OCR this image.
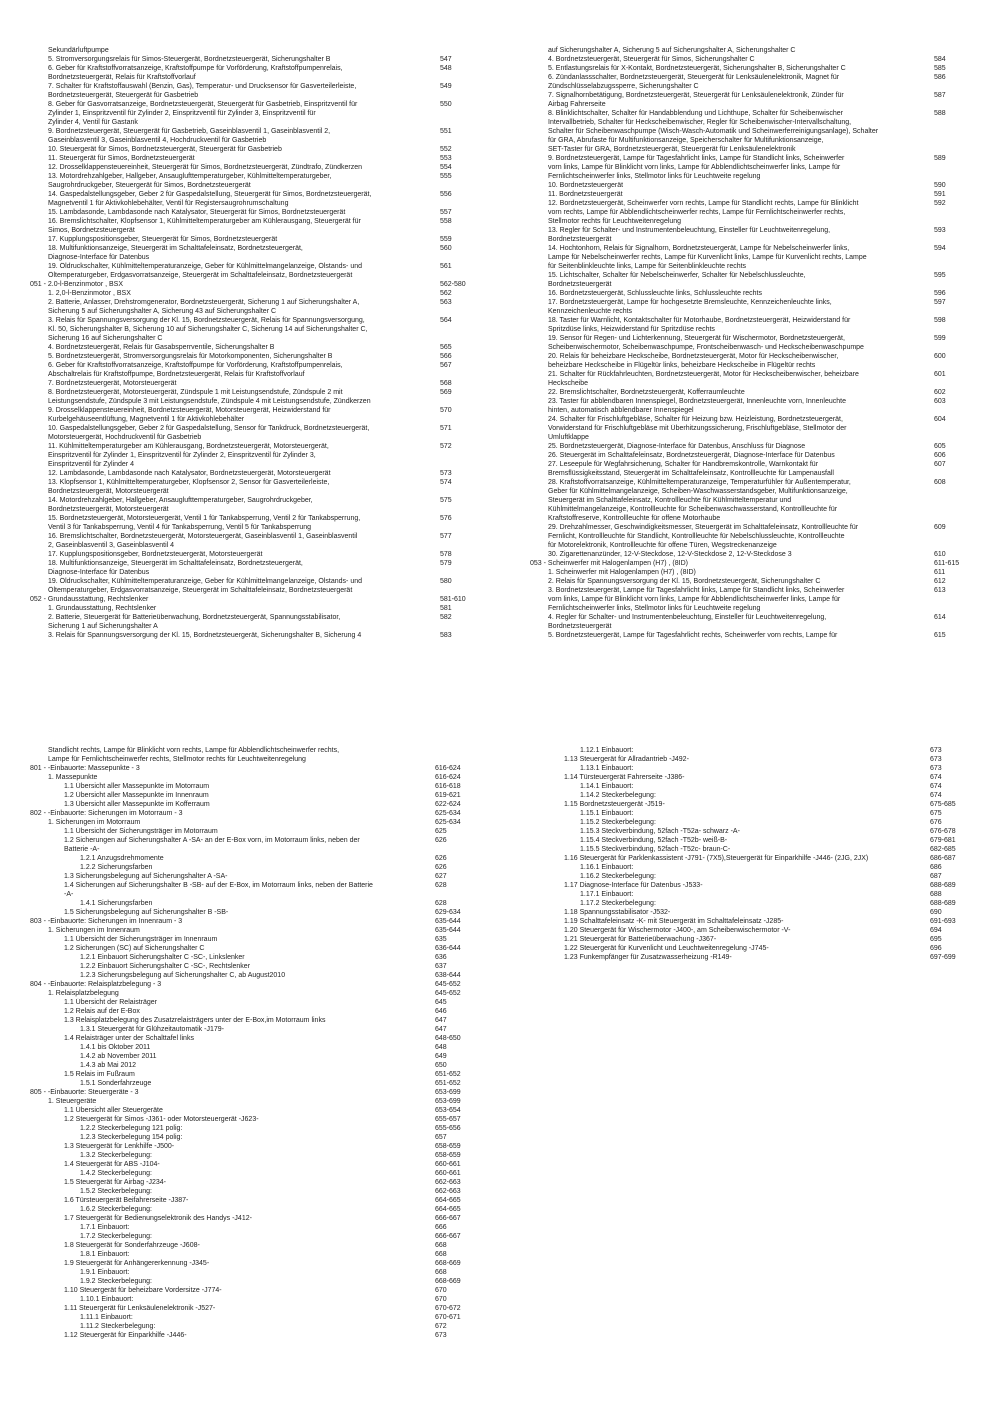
Sekundärluftpumpe
5. Stromversorgungsrelais für Simos-Steuergerät, Bordnetzsteuergerät, Sicherungshalter B	547
6. Geber für Kraftstoffvorratsanzeige, Kraftstoffpumpe für Vorförderung, Kraftstoffpumpenrelais,	548
Bordnetzsteuergerät, Relais für Kraftstoffvorlauf
7. Schalter für Kraftstoffauswahl (Benzin, Gas), Temperatur- und Drucksensor für Gasverteilerleiste,	549
Bordnetzsteuergerät, Steuergerät für Gasbetrieb
8. Geber für Gasvorratsanzeige, Bordnetzsteuergerät, Steuergerät für Gasbetrieb, Einspritzventil für	550
Zylinder 1, Einspritzventil für Zylinder 2, Einspritzventil für Zylinder 3, Einspritzventil für
Zylinder 4, Ventil für Gastank
9. Bordnetzsteuergerät, Steuergerät für Gasbetrieb, Gaseinblasventil 1, Gaseinblasventil 2,	551
Gaseinblasventil 3, Gaseinblasventil 4, Hochdruckventil für Gasbetrieb
10. Steuergerät für Simos, Bordnetzsteuergerät, Steuergerät für Gasbetrieb	552
11. Steuergerät für Simos, Bordnetzsteuergerät	553
12. Drosselklappensteuereinheit, Steuergerät für Simos, Bordnetzsteuergerät, Zündtrafo, Zündkerzen	554
13. Motordrehzahlgeber, Hallgeber, Ansauglufttemperaturgeber, Kühlmitteltemperaturgeber,	555
Saugrohrdruckgeber, Steuergerät für Simos, Bordnetzsteuergerät
14. Gaspedalstellungsgeber, Geber 2 für Gaspedalstellung, Steuergerät für Simos, Bordnetzsteuergerät,	556
Magnetventil 1 für Aktivkohlebehälter, Ventil für Registersaugrohrumschaltung
15. Lambdasonde, Lambdasonde nach Katalysator, Steuergerät für Simos, Bordnetzsteuergerät	557
16. Bremslichtschalter, Klopfsensor 1, Kühlmitteltemperaturgeber am Kühlerausgang, Steuergerät für	558
Simos, Bordnetzsteuergerät
17. Kupplungspositionsgeber, Steuergerät für Simos, Bordnetzsteuergerät	559
18. Multifunktionsanzeige, Steuergerät im Schalttafeleinsatz, Bordnetzsteuergerät,	560
Diagnose-Interface für Datenbus
19. Öldruckschalter, Kühlmitteltemperaturanzeige, Geber für Kühlmittelmangelanzeige, Ölstands- und	561
Öltemperaturgeber, Erdgasvorratsanzeige, Steuergerät im Schalttafeleinsatz, Bordnetzsteuergerät
051 - 2.0-l-Benzinmotor , BSX	562-580
1. 2,0-l-Benzinmotor , BSX	562
2. Batterie, Anlasser, Drehstromgenerator, Bordnetzsteuergerät, Sicherung 1 auf Sicherungshalter A,	563
Sicherung 5 auf Sicherungshalter A, Sicherung 43 auf Sicherungshalter C
3. Relais für Spannungsversorgung der Kl. 15, Bordnetzsteuergerät, Relais für Spannungsversorgung,	564
Kl. 50, Sicherungshalter B, Sicherung 10 auf Sicherungshalter C, Sicherung 14 auf Sicherungshalter C,
Sicherung 16 auf Sicherungshalter C
4. Bordnetzsteuergerät, Relais für Gasabsperrventile, Sicherungshalter B	565
5. Bordnetzsteuergerät, Stromversorgungsrelais für Motorkomponenten, Sicherungshalter B	566
6. Geber für Kraftstoffvorratsanzeige, Kraftstoffpumpe für Vorförderung, Kraftstoffpumpenrelais,	567
Abschaltrelais für Kraftstoffpumpe, Bordnetzsteuergerät, Relais für Kraftstoffvorlauf
7. Bordnetzsteuergerät, Motorsteuergerät	568
8. Bordnetzsteuergerät, Motorsteuergerät, Zündspule 1 mit Leistungsendstufe, Zündspule 2 mit	569
Leistungsendstufe, Zündspule 3 mit Leistungsendstufe, Zündspule 4 mit Leistungsendstufe, Zündkerzen
9. Drosselklappensteuereinheit, Bordnetzsteuergerät, Motorsteuergerät, Heizwiderstand für	570
Kurbelgehäuseentlüftung, Magnetventil 1 für Aktivkohlebehälter
10. Gaspedalstellungsgeber, Geber 2 für Gaspedalstellung, Sensor für Tankdruck, Bordnetzsteuergerät,	571
Motorsteuergerät, Hochdruckventil für Gasbetrieb
11. Kühlmitteltemperaturgeber am Kühlerausgang, Bordnetzsteuergerät, Motorsteuergerät,	572
Einspritzventil für Zylinder 1, Einspritzventil für Zylinder 2, Einspritzventil für Zylinder 3,
Einspritzventil für Zylinder 4
12. Lambdasonde, Lambdasonde nach Katalysator, Bordnetzsteuergerät, Motorsteuergerät	573
13. Klopfsensor 1, Kühlmitteltemperaturgeber, Klopfsensor 2, Sensor für Gasverteilerleiste,	574
Bordnetzsteuergerät, Motorsteuergerät
14. Motordrehzahlgeber, Hallgeber, Ansauglufttemperaturgeber, Saugrohrdruckgeber,	575
Bordnetzsteuergerät, Motorsteuergerät
15. Bordnetzsteuergerät, Motorsteuergerät, Ventil 1 für Tankabsperrung, Ventil 2 für Tankabsperrung,	576
Ventil 3 für Tankabsperrung, Ventil 4 für Tankabsperrung, Ventil 5 für Tankabsperrung
16. Bremslichtschalter, Bordnetzsteuergerät, Motorsteuergerät, Gaseinblasventil 1, Gaseinblasventil	577
2, Gaseinblasventil 3, Gaseinblasventil 4
17. Kupplungspositionsgeber, Bordnetzsteuergerät, Motorsteuergerät	578
18. Multifunktionsanzeige, Steuergerät im Schalttafeleinsatz, Bordnetzsteuergerät,	579
Diagnose-Interface für Datenbus
19. Öldruckschalter, Kühlmitteltemperaturanzeige, Geber für Kühlmittelmangelanzeige, Ölstands- und	580
Öltemperaturgeber, Erdgasvorratsanzeige, Steuergerät im Schalttafeleinsatz, Bordnetzsteuergerät
052 - Grundausstattung, Rechtslenker	581-610
1. Grundausstattung, Rechtslenker	581
2. Batterie, Steuergerät für Batterieüberwachung, Bordnetzsteuergerät, Spannungsstabilisator,	582
Sicherung 1 auf Sicherungshalter A
3. Relais für Spannungsversorgung der Kl. 15, Bordnetzsteuergerät, Sicherungshalter B, Sicherung 4	583
auf Sicherungshalter A, Sicherung 5 auf Sicherungshalter A, Sicherungshalter C
4. Bordnetzsteuergerät, Steuergerät für Simos, Sicherungshalter C	584
5. Entlastungsrelais für X-Kontakt, Bordnetzsteuergerät, Sicherungshalter B, Sicherungshalter C	585
6. Zündanlassschalter, Bordnetzsteuergerät, Steuergerät für Lenksäulenelektronik, Magnet für	586
Zündschlüsselabzugssperre, Sicherungshalter C
7. Signalhornbetätigung, Bordnetzsteuergerät, Steuergerät für Lenksäulenelektronik, Zünder für	587
Airbag Fahrerseite
8. Blinklichtschalter, Schalter für Handabblendung und Lichthupe, Schalter für Scheibenwischer	588
Intervallbetrieb, Schalter für Heckscheibenwischer, Regler für Scheibenwischer-Intervallschaltung,
Schalter für Scheibenwaschpumpe (Wisch-Wasch-Automatik und Scheinwerferreinigungsanlage), Schalter
für GRA, Abrufaste für Multifunktionsanzeige, Speicherschalter für Multifunktionsanzeige,
SET-Taster für GRA, Bordnetzsteuergerät, Steuergerät für Lenksäulenelektronik
9. Bordnetzsteuergerät, Lampe für Tagesfahrlicht links, Lampe für Standlicht links, Scheinwerfer	589
vorn links, Lampe für Blinklicht vorn links, Lampe für Abblendlichtscheinwerfer links, Lampe für
Fernlichtscheinwerfer links, Stellmotor links für Leuchtweite regelung
10. Bordnetzsteuergerät	590
11. Bordnetzsteuergerät	591
12. Bordnetzsteuergerät, Scheinwerfer vorn rechts, Lampe für Standlicht rechts, Lampe für Blinklicht	592
vorn rechts, Lampe für Abblendlichtscheinwerfer rechts, Lampe für Fernlichtscheinwerfer rechts,
Stellmotor rechts für Leuchtweitenregelung
13. Regler für Schalter- und Instrumentenbeleuchtung, Einsteller für Leuchtweitenregelung,	593
Bordnetzsteuergerät
14. Hochtonhorn, Relais für Signalhorn, Bordnetzsteuergerät, Lampe für Nebelscheinwerfer links,	594
Lampe für Nebelscheinwerfer rechts, Lampe für Kurvenlicht links, Lampe für Kurvenlicht rechts, Lampe
für Seitenblinkleuchte links, Lampe für Seitenblinkleuchte rechts
15. Lichtschalter, Schalter für Nebelscheinwerfer, Schalter für Nebelschlussleuchte,	595
Bordnetzsteuergerät
16. Bordnetzsteuergerät, Schlussleuchte links, Schlussleuchte rechts	596
17. Bordnetzsteuergerät, Lampe für hochgesetzte Bremsleuchte, Kennzeichenleuchte links,	597
Kennzeichenleuchte rechts
18. Taster für Warnlicht, Kontaktschalter für Motorhaube, Bordnetzsteuergerät, Heizwiderstand für	598
Spritzdüse links, Heizwiderstand für Spritzdüse rechts
19. Sensor für Regen- und Lichterkennung, Steuergerät für Wischermotor, Bordnetzsteuergerät,	599
Scheibenwischermotor, Scheibenwaschpumpe, Frontscheibenwasch- und Heckscheibenwaschpumpe
20. Relais für beheizbare Heckscheibe, Bordnetzsteuergerät, Motor für Heckscheibenwischer,	600
beheizbare Heckscheibe in Flügeltür links, beheizbare Heckscheibe in Flügeltür rechts
21. Schalter für Rückfahrleuchten, Bordnetzsteuergerät, Motor für Heckscheibenwischer, beheizbare	601
Heckscheibe
22. Bremslichtschalter, Bordnetzsteuergerät, Kofferraumleuchte	602
23. Taster für abblendbaren Innenspiegel, Bordnetzsteuergerät, Innenleuchte vorn, Innenleuchte	603
hinten, automatisch abblendbarer Innenspiegel
24. Schalter für Frischluftgebläse, Schalter für Heizung bzw. Heizleistung, Bordnetzsteuergerät,	604
Vorwiderstand für Frischluftgebläse mit Überhitzungssicherung, Frischluftgebläse, Stellmotor der
Umluftklappe
25. Bordnetzsteuergerät, Diagnose-Interface für Datenbus, Anschluss für Diagnose	605
26. Steuergerät im Schalttafeleinsatz, Bordnetzsteuergerät, Diagnose-Interface für Datenbus	606
27. Leseepule für Wegfahrsicherung, Schalter für Handbremskontrolle, Warnkontakt für	607
Bremsflüssigkeitsstand, Steuergerät im Schalttafeleinsatz, Kontrollleuchte für Lampenausfall
28. Kraftstoffvorratsanzeige, Kühlmitteltemperaturanzeige, Temperaturfühler für Außentemperatur,	608
Geber für Kühlmittelmangelanzeige, Scheiben-Waschwasserstandsgeber, Multifunktionsanzeige,
Steuergerät im Schalttafeleinsatz, Kontrollleuchte für Kühlmitteltemperatur und
Kühlmittelmangelanzeige, Kontrollleuchte für Scheibenwaschwasserstand, Kontrollleuchte für
Kraftstoffreserve, Kontrollleuchte für offene Motorhaube
29. Drehzahlmesser, Geschwindigkeitsmesser, Steuergerät im Schalttafeleinsatz, Kontrollleuchte für	609
Fernlicht, Kontrollleuchte für Standlicht, Kontrollleuchte für Nebelschlussleuchte, Kontrollleuchte
für Motorelektronik, Kontrollleuchte für offene Türen, Wegstreckenanzeige
30. Zigarettenanzünder, 12-V-Steckdose, 12-V-Steckdose 2, 12-V-Steckdose 3	610
053 - Scheinwerfer mit Halogenlampen (H7) , (8ID)	611-615
1. Scheinwerfer mit Halogenlampen (H7) , (8ID)	611
2. Relais für Spannungsversorgung der Kl. 15, Bordnetzsteuergerät, Sicherungshalter C	612
3. Bordnetzsteuergerät, Lampe für Tagesfahrlicht links, Lampe für Standlicht links, Scheinwerfer	613
vorn links, Lampe für Blinklicht vorn links, Lampe für Abblendlichtscheinwerfer links, Lampe für
Fernlichtscheinwerfer links, Stellmotor links für Leuchtweite regelung
4. Regler für Schalter- und Instrumentenbeleuchtung, Einsteller für Leuchtweitenregelung,	614
Bordnetzsteuergerät
5. Bordnetzsteuergerät, Lampe für Tagesfahrlicht rechts, Scheinwerfer vorn rechts, Lampe für	615
Standlicht rechts, Lampe für Blinklicht vorn rechts, Lampe für Abblendlichtscheinwerfer rechts,
Lampe für Fernlichtscheinwerfer rechts, Stellmotor rechts für Leuchtweitenregelung
801 - -Einbauorte: Massepunkte - 3	616-624
1. Massepunkte	616-624
1.1 Übersicht aller Massepunkte im Motorraum	616-618
1.2 Übersicht aller Massepunkte im Innenraum	619-621
1.3 Übersicht aller Massepunkte im Kofferraum	622-624
802 - -Einbauorte: Sicherungen im Motorraum - 3	625-634
1. Sicherungen im Motorraum	625-634
1.1 Übersicht der Sicherungsträger im Motorraum	625
1.2 Sicherungen auf Sicherungshalter A -SA- an der E-Box vorn, im Motorraum links, neben der	626
Batterie -A-
1.2.1 Anzugsdrehmomente	626
1.2.2 Sicherungsfarben	626
1.3 Sicherungsbelegung auf Sicherungshalter A -SA-	627
1.4 Sicherungen auf Sicherungshalter B -SB- auf der E-Box, im Motorraum links, neben der Batterie	628
-A-
1.4.1 Sicherungsfarben	628
1.5 Sicherungsbelegung auf Sicherungshalter B -SB-	629-634
803 - -Einbauorte: Sicherungen im Innenraum - 3	635-644
1. Sicherungen im Innenraum	635-644
1.1 Übersicht der Sicherungsträger im Innenraum	635
1.2 Sicherungen (SC) auf Sicherungshalter C	636-644
1.2.1 Einbauort Sicherungshalter C -SC-, Linkslenker	636
1.2.2 Einbauort Sicherungshalter C -SC-, Rechtslenker	637
1.2.3 Sicherungsbelegung auf Sicherungshalter C, ab August2010	638-644
804 - -Einbauorte: Relaisplatzbelegung - 3	645-652
1. Relaisplatzbelegung	645-652
1.1 Übersicht der Relaisträger	645
1.2 Relais auf der E-Box	646
1.3 Relaisplatzbelegung des Zusatzrelaisträgers unter der E-Box,im Motorraum links	647
1.3.1 Steuergerät für Glühzeitautomatik -J179-	647
1.4 Relaisträger unter der Schalttafel links	648-650
1.4.1 bis Oktober 2011	648
1.4.2 ab November 2011	649
1.4.3 ab Mai 2012	650
1.5 Relais im Fußraum	651-652
1.5.1 Sonderfahrzeuge	651-652
805 - -Einbauorte: Steuergeräte - 3	653-699
1. Steuergeräte	653-699
1.1 Übersicht aller Steuergeräte	653-654
1.2 Steuergerät für Simos -J361- oder Motorsteuergerät -J623-	655-657
1.2.2 Steckerbelegung 121 polig:	655-656
1.2.3 Steckerbelegung 154 polig:	657
1.3 Steuergerät für Lenkhilfe -J500-	658-659
1.3.2 Steckerbelegung:	658-659
1.4 Steuergerät für ABS -J104-	660-661
1.4.2 Steckerbelegung:	660-661
1.5 Steuergerät für Airbag -J234-	662-663
1.5.2 Steckerbelegung:	662-663
1.6 Türsteuergerät Beifahrerseite -J387-	664-665
1.6.2 Steckerbelegung:	664-665
1.7 Steuergerät für Bedienungselektronik des Handys -J412-	666-667
1.7.1 Einbauort:	666
1.7.2 Steckerbelegung:	666-667
1.8 Steuergerät für Sonderfahrzeuge -J608-	668
1.8.1 Einbauort:	668
1.9 Steuergerät für Anhängererkennung -J345-	668-669
1.9.1 Einbauort:	668
1.9.2 Steckerbelegung:	668-669
1.10 Steuergerät für beheizbare Vordersitze -J774-	670
1.10.1 Einbauort:	670
1.11 Steuergerät für Lenksäulenelektronik -J527-	670-672
1.11.1 Einbauort:	670-671
1.11.2 Steckerbelegung:	672
1.12 Steuergerät für Einparkhilfe -J446-	673
1.12.1 Einbauort:	673
1.13 Steuergerät für Allradantrieb -J492-	673
1.13.1 Einbauort:	673
1.14 Türsteuergerät Fahrerseite -J386-	674
1.14.1 Einbauort:	674
1.14.2 Steckerbelegung:	674
1.15 Bordnetzsteuergerät -J519-	675-685
1.15.1 Einbauort:	675
1.15.2 Steckerbelegung:	676
1.15.3 Steckverbindung, 52fach -T52a- schwarz -A-	676-678
1.15.4 Steckverbindung, 52fach -T52b- weiß-B-	679-681
1.15.5 Steckverbindung, 52fach -T52c- braun-C-	682-685
1.16 Steuergerät für Parklenkassistent -J791- (7X5),Steuergerät für Einparkhilfe -J446- (2JG, 2JX)	686-687
1.16.1 Einbauort:	686
1.16.2 Steckerbelegung:	687
1.17 Diagnose-Interface für Datenbus -J533-	688-689
1.17.1 Einbauort:	688
1.17.2 Steckerbelegung:	688-689
1.18 Spannungsstabilisator -J532-	690
1.19 Schalttafeleinsatz -K- mit Steuergerät im Schalttafeleinsatz -J285-	691-693
1.20 Steuergerät für Wischermotor -J400-, am Scheibenwischermotor -V-	694
1.21 Steuergerät für Batterieüberwachung -J367-	695
1.22 Steuergerät für Kurvenlicht und Leuchtweitenregelung -J745-	696
1.23 Funkempfänger für Zusatzwasserheizung -R149-	697-699
